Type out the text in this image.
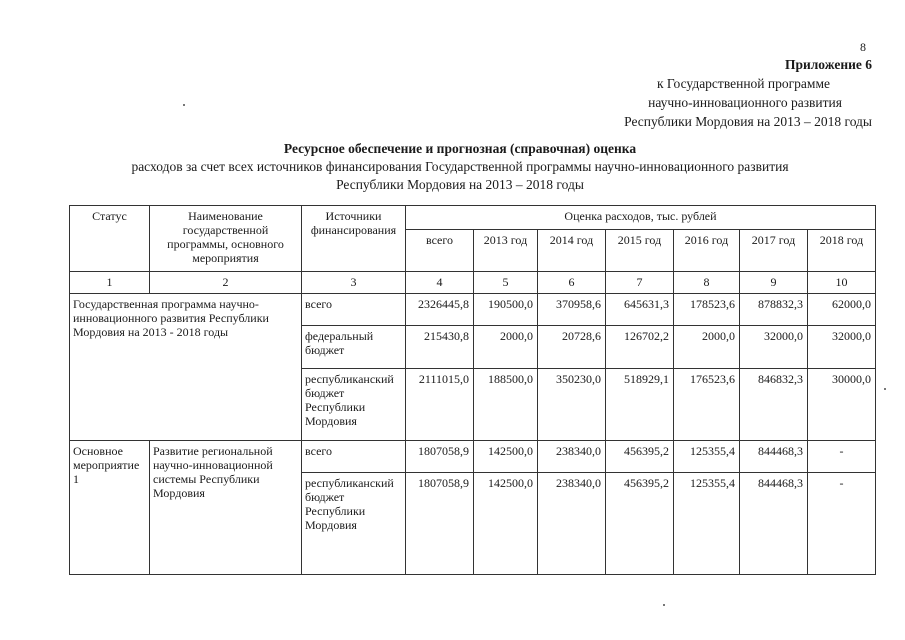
8
Приложение 6
к Государственной программе
научно-инновационного развития
Республики Мордовия на 2013 – 2018 годы
Ресурсное обеспечение и прогнозная (справочная) оценка
расходов за счет всех источников финансирования Государственной программы научно-инновационного развития
Республики Мордовия на 2013 – 2018 годы
Статус	Наименование государственной программы, основного мероприятия	Источники финансирования	Оценка расходов, тыс. рублей						
			всего	2013 год	2014 год	2015 год	2016 год	2017 год	2018 год
1	2	3	4	5	6	7	8	9	10
Государственная программа научно-инновационного развития Республики Мордовия на 2013 - 2018 годы		всего	2326445,8	190500,0	370958,6	645631,3	178523,6	878832,3	62000,0
		федеральный бюджет	215430,8	2000,0	20728,6	126702,2	2000,0	32000,0	32000,0
		республиканский бюджет Республики Мордовия	2111015,0	188500,0	350230,0	518929,1	176523,6	846832,3	30000,0
Основное мероприятие 1	Развитие региональной научно-инновационной системы Республики Мордовия	всего	1807058,9	142500,0	238340,0	456395,2	125355,4	844468,3	-
		республиканский бюджет Республики Мордовия	1807058,9	142500,0	238340,0	456395,2	125355,4	844468,3	-
